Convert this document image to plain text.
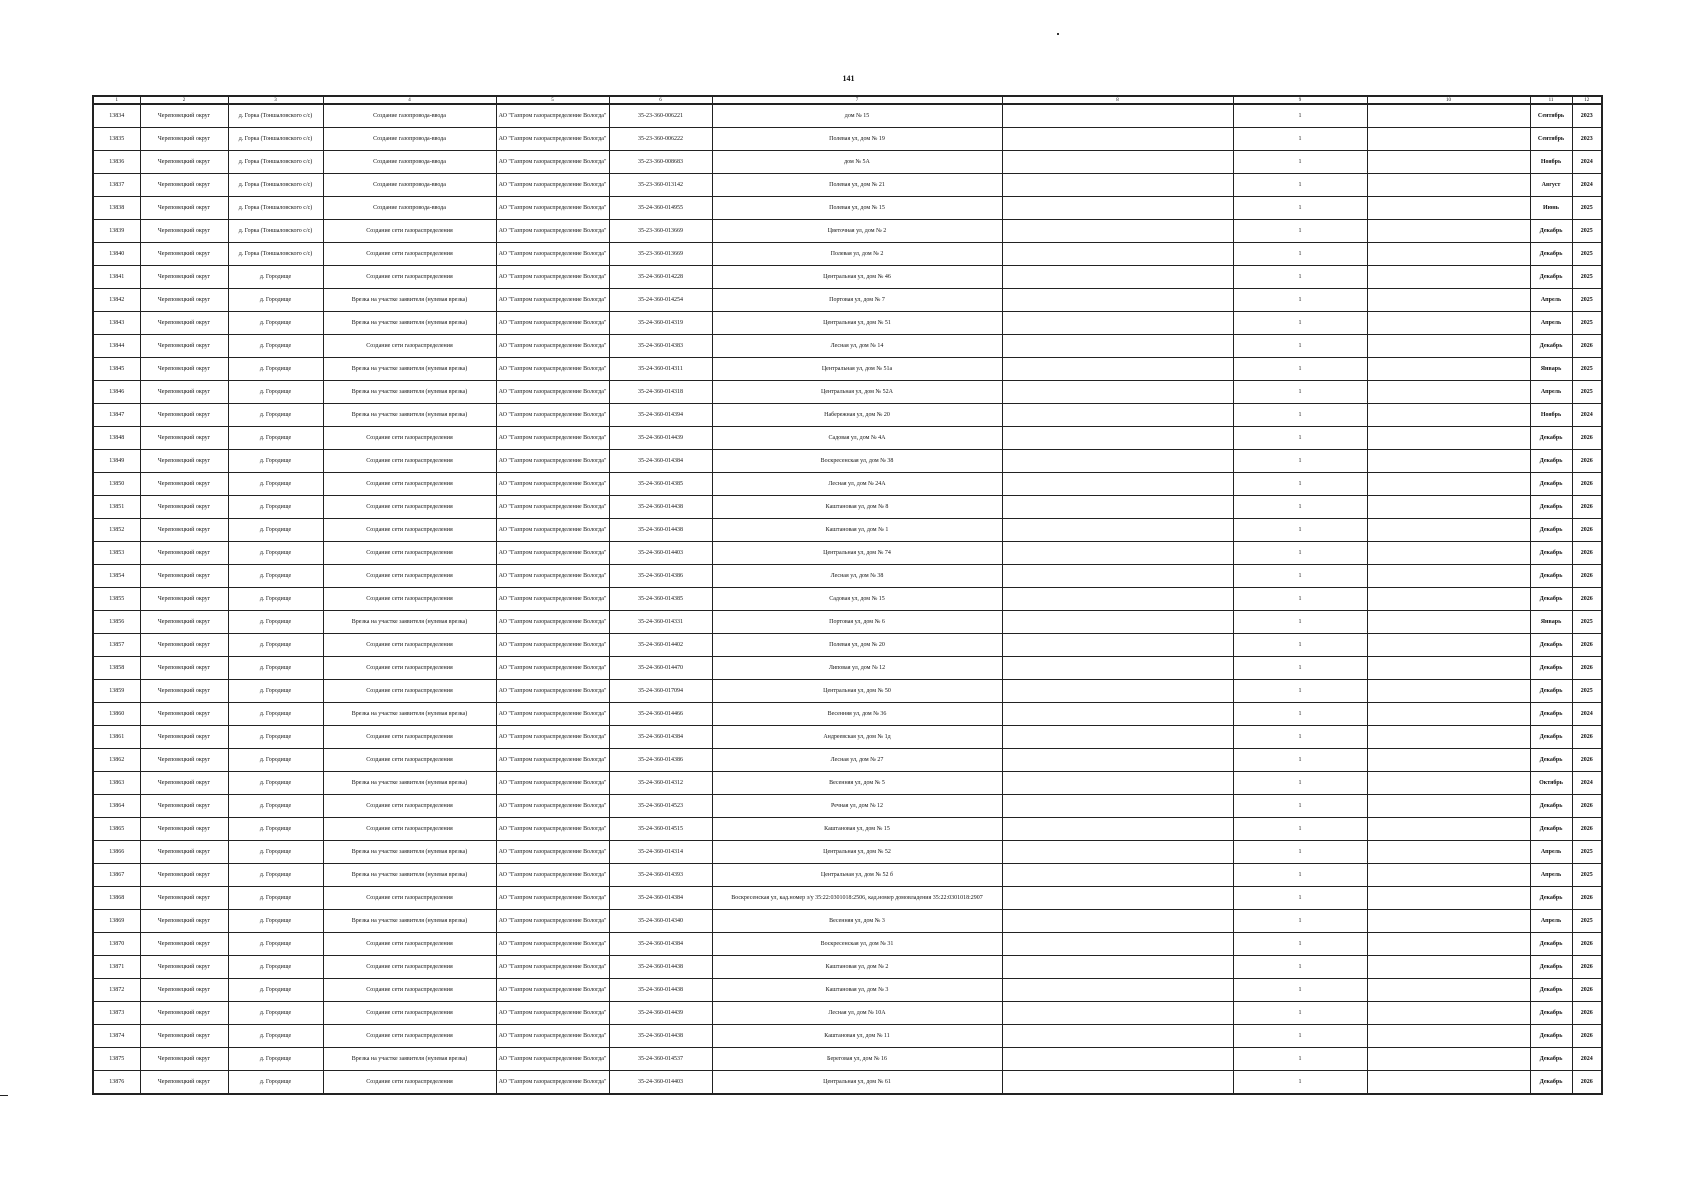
141
1	2	3	4	5	6	7	8	9	10	11	12
13834	Череповецкий округ	д. Горка (Тоншаловского с/с)	Создание газопровода-ввода	АО "Газпром газораспределение Вологда"	35-23-360-006221	дом № 15		1		Сентябрь	2023
13835	Череповецкий округ	д. Горка (Тоншаловского с/с)	Создание газопровода-ввода	АО "Газпром газораспределение Вологда"	35-23-360-006222	Полевая ул, дом № 19		1		Сентябрь	2023
13836	Череповецкий округ	д. Горка (Тоншаловского с/с)	Создание газопровода-ввода	АО "Газпром газораспределение Вологда"	35-23-360-008683	дом № 5А		1		Ноябрь	2024
13837	Череповецкий округ	д. Горка (Тоншаловского с/с)	Создание газопровода-ввода	АО "Газпром газораспределение Вологда"	35-23-360-013142	Полевая ул, дом № 21		1		Август	2024
13838	Череповецкий округ	д. Горка (Тоншаловского с/с)	Создание газопровода-ввода	АО "Газпром газораспределение Вологда"	35-24-360-014955	Полевая ул, дом № 15		1		Июнь	2025
13839	Череповецкий округ	д. Горка (Тоншаловского с/с)	Создание сети газораспределения	АО "Газпром газораспределение Вологда"	35-23-360-013669	Цветочная ул, дом № 2		1		Декабрь	2025
13840	Череповецкий округ	д. Горка (Тоншаловского с/с)	Создание сети газораспределения	АО "Газпром газораспределение Вологда"	35-23-360-013669	Полевая ул, дом № 2		1		Декабрь	2025
13841	Череповецкий округ	д. Городище	Создание сети газораспределения	АО "Газпром газораспределение Вологда"	35-24-360-014228	Центральная ул, дом № 46		1		Декабрь	2025
13842	Череповецкий округ	д. Городище	Врезка на участке заявителя (нулевая врезка)	АО "Газпром газораспределение Вологда"	35-24-360-014254	Портовая ул, дом № 7		1		Апрель	2025
13843	Череповецкий округ	д. Городище	Врезка на участке заявителя (нулевая врезка)	АО "Газпром газораспределение Вологда"	35-24-360-014319	Центральная ул, дом № 51		1		Апрель	2025
13844	Череповецкий округ	д. Городище	Создание сети газораспределения	АО "Газпром газораспределение Вологда"	35-24-360-014383	Лесная ул, дом № 14		1		Декабрь	2026
13845	Череповецкий округ	д. Городище	Врезка на участке заявителя (нулевая врезка)	АО "Газпром газораспределение Вологда"	35-24-360-014311	Центральная ул, дом № 51а		1		Январь	2025
13846	Череповецкий округ	д. Городище	Врезка на участке заявителя (нулевая врезка)	АО "Газпром газораспределение Вологда"	35-24-360-014318	Центральная ул, дом № 52А		1		Апрель	2025
13847	Череповецкий округ	д. Городище	Врезка на участке заявителя (нулевая врезка)	АО "Газпром газораспределение Вологда"	35-24-360-014394	Набережная ул, дом № 20		1		Ноябрь	2024
13848	Череповецкий округ	д. Городище	Создание сети газораспределения	АО "Газпром газораспределение Вологда"	35-24-360-014439	Садовая ул, дом № 4А		1		Декабрь	2026
13849	Череповецкий округ	д. Городище	Создание сети газораспределения	АО "Газпром газораспределение Вологда"	35-24-360-014384	Воскресенская ул, дом № 38		1		Декабрь	2026
13850	Череповецкий округ	д. Городище	Создание сети газораспределения	АО "Газпром газораспределение Вологда"	35-24-360-014385	Лесная ул, дом № 24А		1		Декабрь	2026
13851	Череповецкий округ	д. Городище	Создание сети газораспределения	АО "Газпром газораспределение Вологда"	35-24-360-014438	Каштановая ул, дом № 8		1		Декабрь	2026
13852	Череповецкий округ	д. Городище	Создание сети газораспределения	АО "Газпром газораспределение Вологда"	35-24-360-014438	Каштановая ул, дом № 1		1		Декабрь	2026
13853	Череповецкий округ	д. Городище	Создание сети газораспределения	АО "Газпром газораспределение Вологда"	35-24-360-014403	Центральная ул, дом № 74		1		Декабрь	2026
13854	Череповецкий округ	д. Городище	Создание сети газораспределения	АО "Газпром газораспределение Вологда"	35-24-360-014386	Лесная ул, дом № 38		1		Декабрь	2026
13855	Череповецкий округ	д. Городище	Создание сети газораспределения	АО "Газпром газораспределение Вологда"	35-24-360-014385	Садовая ул, дом № 15		1		Декабрь	2026
13856	Череповецкий округ	д. Городище	Врезка на участке заявителя (нулевая врезка)	АО "Газпром газораспределение Вологда"	35-24-360-014331	Портовая ул, дом № 6		1		Январь	2025
13857	Череповецкий округ	д. Городище	Создание сети газораспределения	АО "Газпром газораспределение Вологда"	35-24-360-014402	Полевая ул, дом № 20		1		Декабрь	2026
13858	Череповецкий округ	д. Городище	Создание сети газораспределения	АО "Газпром газораспределение Вологда"	35-24-360-014470	Липовая ул, дом № 12		1		Декабрь	2026
13859	Череповецкий округ	д. Городище	Создание сети газораспределения	АО "Газпром газораспределение Вологда"	35-24-360-017094	Центральная ул, дом № 50		1		Декабрь	2025
13860	Череповецкий округ	д. Городище	Врезка на участке заявителя (нулевая врезка)	АО "Газпром газораспределение Вологда"	35-24-360-014466	Весенняя ул, дом № 36		1		Декабрь	2024
13861	Череповецкий округ	д. Городище	Создание сети газораспределения	АО "Газпром газораспределение Вологда"	35-24-360-014384	Андреевская ул, дом № 1д		1		Декабрь	2026
13862	Череповецкий округ	д. Городище	Создание сети газораспределения	АО "Газпром газораспределение Вологда"	35-24-360-014386	Лесная ул, дом № 27		1		Декабрь	2026
13863	Череповецкий округ	д. Городище	Врезка на участке заявителя (нулевая врезка)	АО "Газпром газораспределение Вологда"	35-24-360-014312	Весенняя ул, дом № 5		1		Октябрь	2024
13864	Череповецкий округ	д. Городище	Создание сети газораспределения	АО "Газпром газораспределение Вологда"	35-24-360-014523	Речная ул, дом № 12		1		Декабрь	2026
13865	Череповецкий округ	д. Городище	Создание сети газораспределения	АО "Газпром газораспределение Вологда"	35-24-360-014515	Каштановая ул, дом № 15		1		Декабрь	2026
13866	Череповецкий округ	д. Городище	Врезка на участке заявителя (нулевая врезка)	АО "Газпром газораспределение Вологда"	35-24-360-014314	Центральная ул, дом № 52		1		Апрель	2025
13867	Череповецкий округ	д. Городище	Врезка на участке заявителя (нулевая врезка)	АО "Газпром газораспределение Вологда"	35-24-360-014393	Центральная ул, дом № 52 б		1		Апрель	2025
13868	Череповецкий округ	д. Городище	Создание сети газораспределения	АО "Газпром газораспределение Вологда"	35-24-360-014384	Воскресенская ул, кад.номер з/у 35:22:0301018:2506, кад.номер домовладения 35:22:0301018:2907		1		Декабрь	2026
13869	Череповецкий округ	д. Городище	Врезка на участке заявителя (нулевая врезка)	АО "Газпром газораспределение Вологда"	35-24-360-014340	Весенняя ул, дом № 3		1		Апрель	2025
13870	Череповецкий округ	д. Городище	Создание сети газораспределения	АО "Газпром газораспределение Вологда"	35-24-360-014384	Воскресенская ул, дом № 31		1		Декабрь	2026
13871	Череповецкий округ	д. Городище	Создание сети газораспределения	АО "Газпром газораспределение Вологда"	35-24-360-014438	Каштановая ул, дом № 2		1		Декабрь	2026
13872	Череповецкий округ	д. Городище	Создание сети газораспределения	АО "Газпром газораспределение Вологда"	35-24-360-014438	Каштановая ул, дом № 3		1		Декабрь	2026
13873	Череповецкий округ	д. Городище	Создание сети газораспределения	АО "Газпром газораспределение Вологда"	35-24-360-014439	Лесная ул, дом № 10А		1		Декабрь	2026
13874	Череповецкий округ	д. Городище	Создание сети газораспределения	АО "Газпром газораспределение Вологда"	35-24-360-014438	Каштановая ул, дом № 11		1		Декабрь	2026
13875	Череповецкий округ	д. Городище	Врезка на участке заявителя (нулевая врезка)	АО "Газпром газораспределение Вологда"	35-24-360-014537	Береговая ул, дом № 16		1		Декабрь	2024
13876	Череповецкий округ	д. Городище	Создание сети газораспределения	АО "Газпром газораспределение Вологда"	35-24-360-014403	Центральная ул, дом № 61		1		Декабрь	2026
